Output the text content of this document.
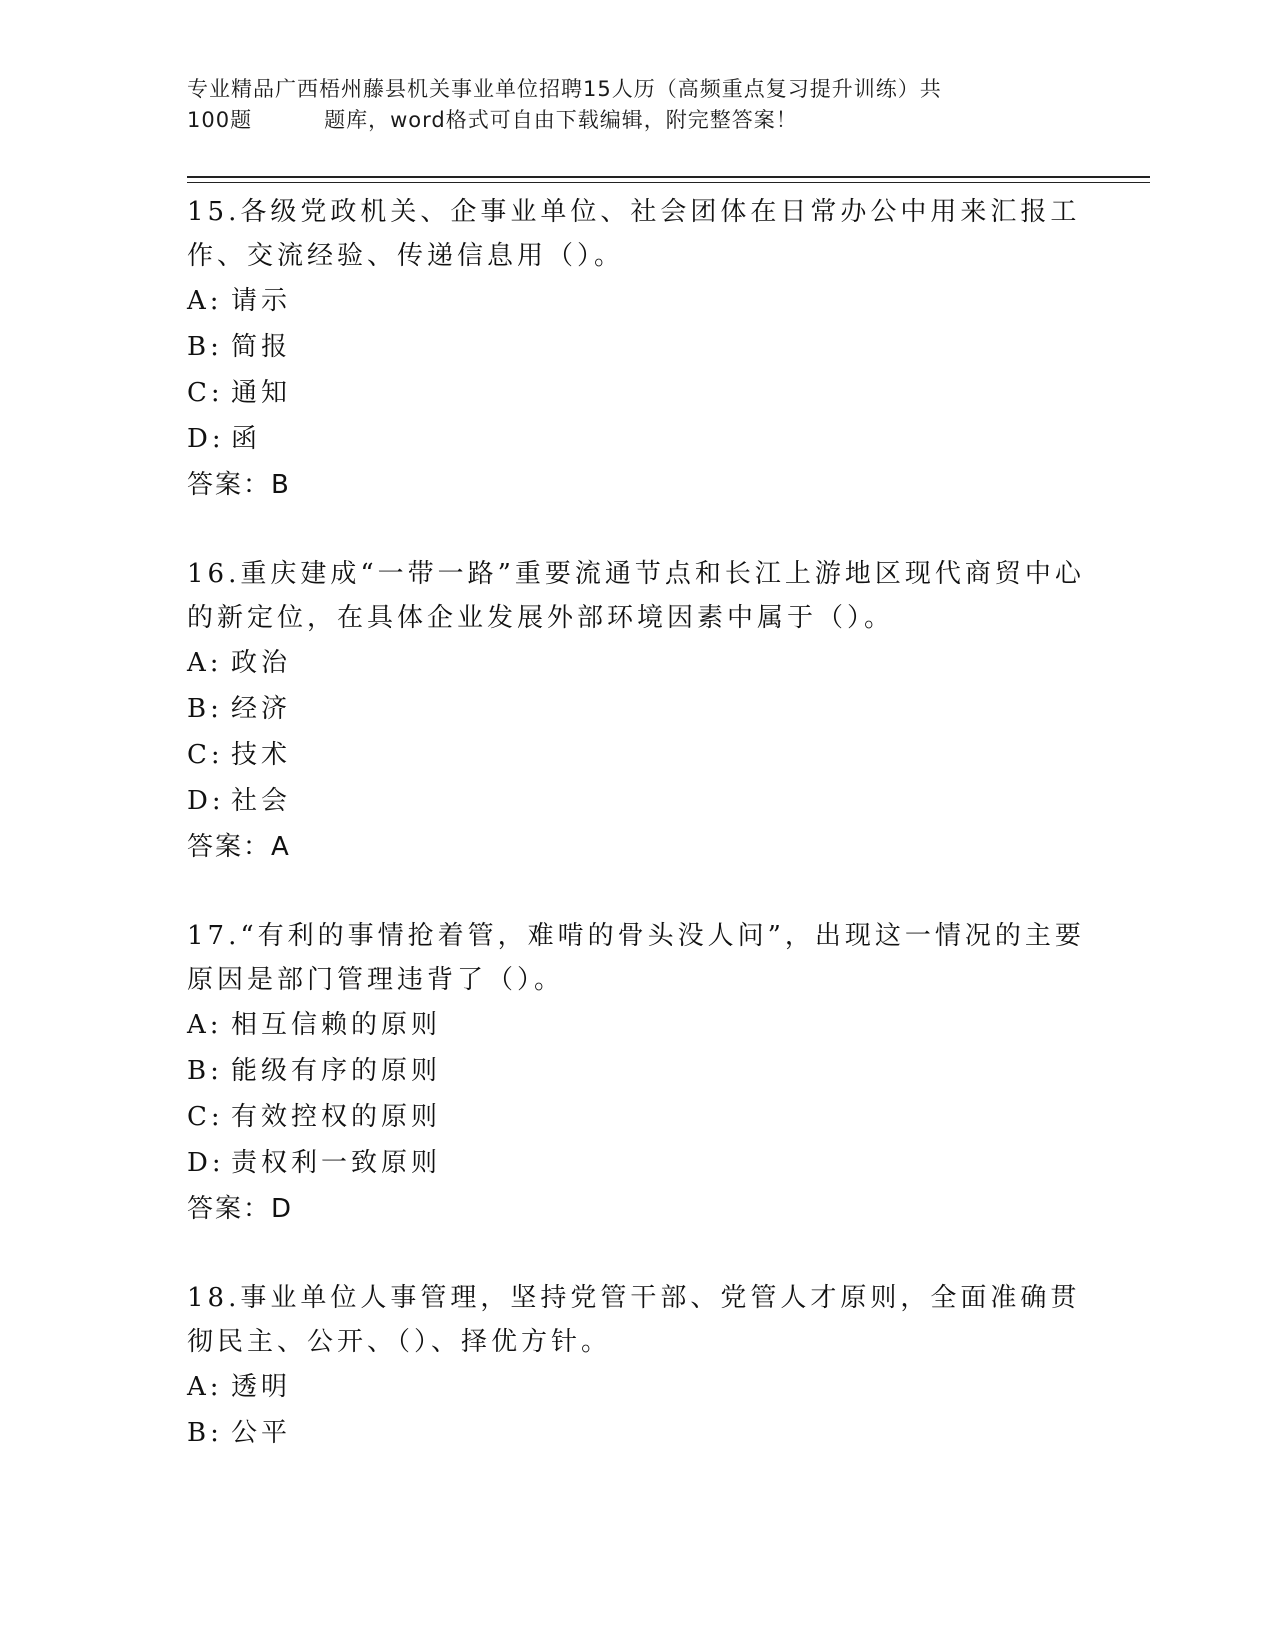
专业精品广西梧州藤县机关事业单位招聘15人历（高频重点复习提升训练）共
100题	题库，word格式可自由下载编辑，附完整答案！

15.各级党政机关、企事业单位、社会团体在日常办公中用来汇报工作、交流经验、传递信息用（）。

A: 请示

B: 简报

C: 通知

D: 函

答案：B

16.重庆建成“一带一路”重要流通节点和长江上游地区现代商贸中心的新定位，在具体企业发展外部环境因素中属于（）。

A: 政治

B: 经济

C: 技术

D: 社会

答案：A

17.“有利的事情抢着管，难啃的骨头没人问”，出现这一情况的主要原因是部门管理违背了（）。

A: 相互信赖的原则

B: 能级有序的原则

C: 有效控权的原则

D: 责权利一致原则

答案：D

18.事业单位人事管理，坚持党管干部、党管人才原则，全面准确贯彻民主、公开、（）、择优方针。

A: 透明

B: 公平
